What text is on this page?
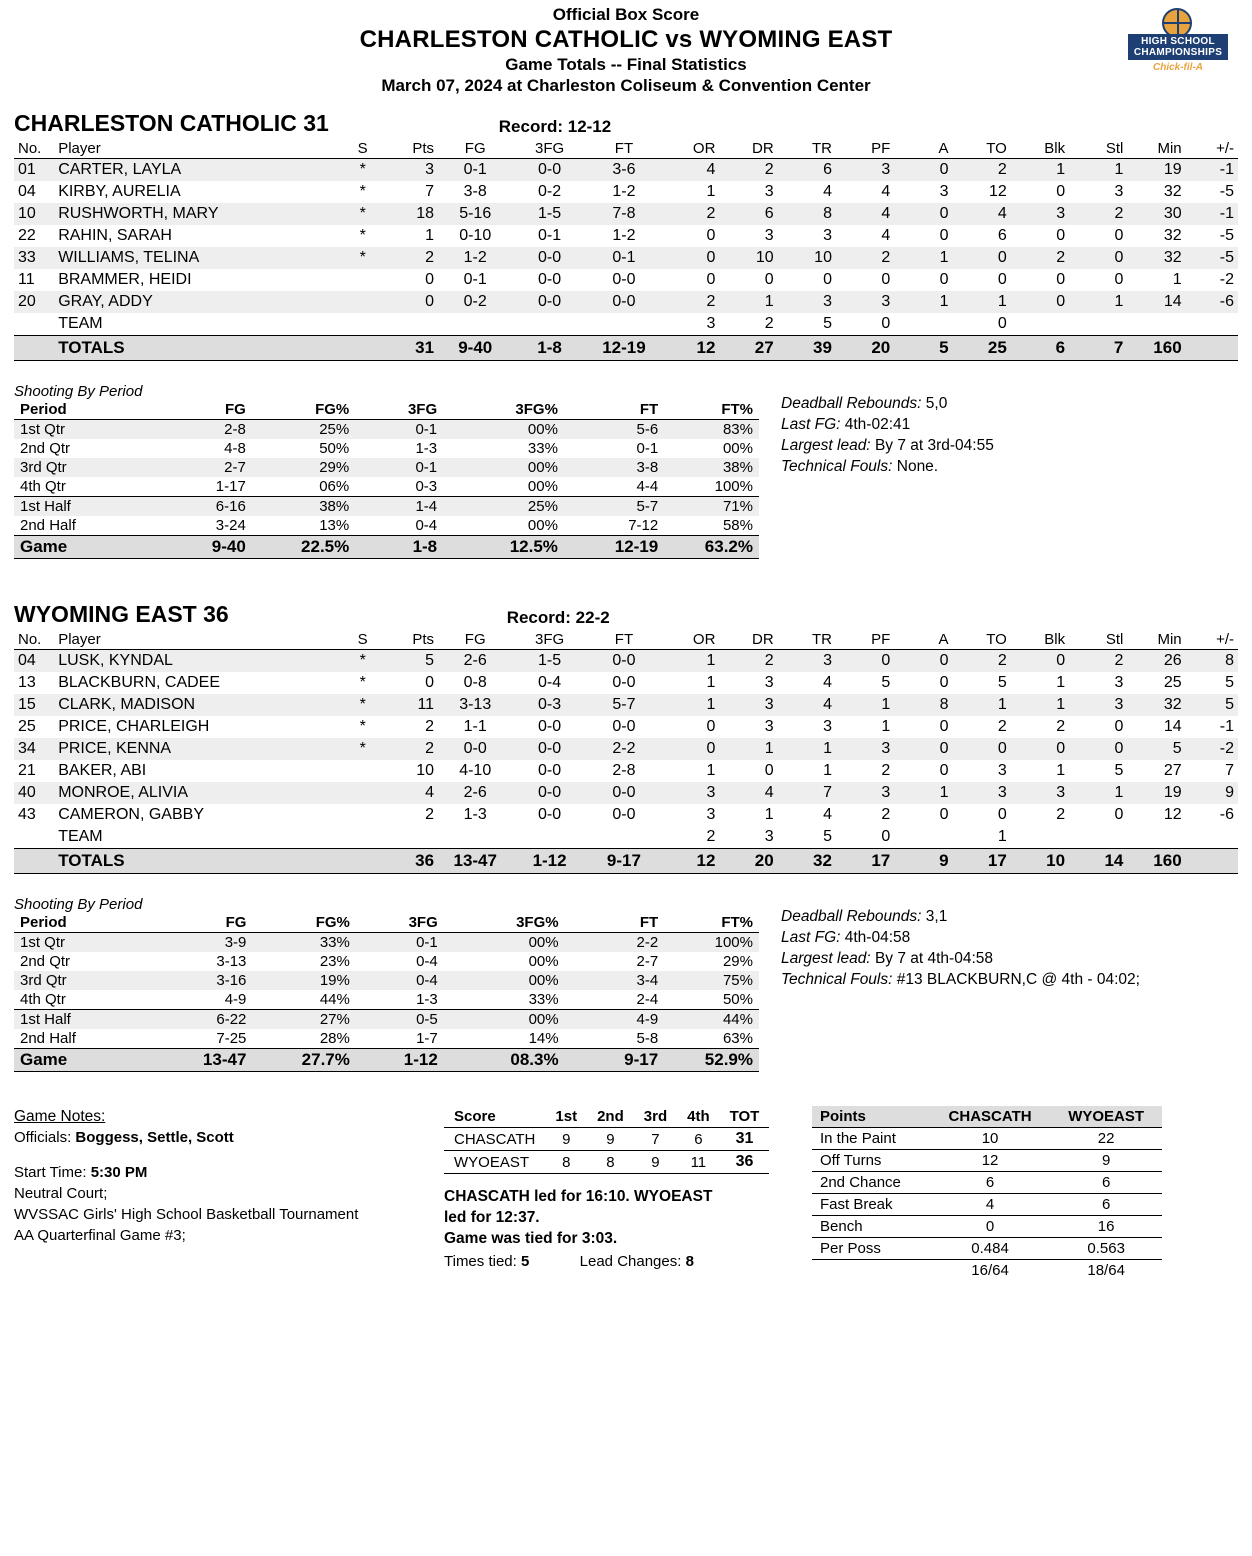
Official Box Score
CHARLESTON CATHOLIC vs WYOMING EAST
Game Totals -- Final Statistics
March 07, 2024 at Charleston Coliseum & Convention Center
HIGH SCHOOL CHAMPIONSHIPS
Chick-fil-A
CHARLESTON CATHOLIC 31	Record: 12-12
No.	Player	S	Pts	FG	3FG	FT	OR	DR	TR	PF	A	TO	Blk	Stl	Min	+/-
01	CARTER, LAYLA	*	3	0-1	0-0	3-6	4	2	6	3	0	2	1	1	19	-1
04	KIRBY, AURELIA	*	7	3-8	0-2	1-2	1	3	4	4	3	12	0	3	32	-5
10	RUSHWORTH, MARY	*	18	5-16	1-5	7-8	2	6	8	4	0	4	3	2	30	-1
22	RAHIN, SARAH	*	1	0-10	0-1	1-2	0	3	3	4	0	6	0	0	32	-5
33	WILLIAMS, TELINA	*	2	1-2	0-0	0-1	0	10	10	2	1	0	2	0	32	-5
11	BRAMMER, HEIDI		0	0-1	0-0	0-0	0	0	0	0	0	0	0	0	1	-2
20	GRAY, ADDY		0	0-2	0-0	0-0	2	1	3	3	1	1	0	1	14	-6
	TEAM						3	2	5	0		0				
	TOTALS		31	9-40	1-8	12-19	12	27	39	20	5	25	6	7	160	
Shooting By Period
Period	FG	FG%	3FG	3FG%	FT	FT%
1st Qtr	2-8	25%	0-1	00%	5-6	83%
2nd Qtr	4-8	50%	1-3	33%	0-1	00%
3rd Qtr	2-7	29%	0-1	00%	3-8	38%
4th Qtr	1-17	06%	0-3	00%	4-4	100%
1st Half	6-16	38%	1-4	25%	5-7	71%
2nd Half	3-24	13%	0-4	00%	7-12	58%
Game	9-40	22.5%	1-8	12.5%	12-19	63.2%
Deadball Rebounds: 5,0
Last FG: 4th-02:41
Largest lead: By 7 at 3rd-04:55
Technical Fouls: None.
WYOMING EAST 36	Record: 22-2
No.	Player	S	Pts	FG	3FG	FT	OR	DR	TR	PF	A	TO	Blk	Stl	Min	+/-
04	LUSK, KYNDAL	*	5	2-6	1-5	0-0	1	2	3	0	0	2	0	2	26	8
13	BLACKBURN, CADEE	*	0	0-8	0-4	0-0	1	3	4	5	0	5	1	3	25	5
15	CLARK, MADISON	*	11	3-13	0-3	5-7	1	3	4	1	8	1	1	3	32	5
25	PRICE, CHARLEIGH	*	2	1-1	0-0	0-0	0	3	3	1	0	2	2	0	14	-1
34	PRICE, KENNA	*	2	0-0	0-0	2-2	0	1	1	3	0	0	0	0	5	-2
21	BAKER, ABI		10	4-10	0-0	2-8	1	0	1	2	0	3	1	5	27	7
40	MONROE, ALIVIA		4	2-6	0-0	0-0	3	4	7	3	1	3	3	1	19	9
43	CAMERON, GABBY		2	1-3	0-0	0-0	3	1	4	2	0	0	2	0	12	-6
	TEAM						2	3	5	0		1				
	TOTALS		36	13-47	1-12	9-17	12	20	32	17	9	17	10	14	160	
Shooting By Period
Period	FG	FG%	3FG	3FG%	FT	FT%
1st Qtr	3-9	33%	0-1	00%	2-2	100%
2nd Qtr	3-13	23%	0-4	00%	2-7	29%
3rd Qtr	3-16	19%	0-4	00%	3-4	75%
4th Qtr	4-9	44%	1-3	33%	2-4	50%
1st Half	6-22	27%	0-5	00%	4-9	44%
2nd Half	7-25	28%	1-7	14%	5-8	63%
Game	13-47	27.7%	1-12	08.3%	9-17	52.9%
Deadball Rebounds: 3,1
Last FG: 4th-04:58
Largest lead: By 7 at 4th-04:58
Technical Fouls: #13 BLACKBURN,C @ 4th - 04:02;
Game Notes:
Officials: Boggess, Settle, Scott
Start Time: 5:30 PM
Neutral Court;
WVSSAC Girls' High School Basketball Tournament
AA Quarterfinal Game #3;
Score	1st	2nd	3rd	4th	TOT
CHASCATH	9	9	7	6	31
WYOEAST	8	8	9	11	36
CHASCATH led for 16:10. WYOEAST
led for 12:37.
Game was tied for 3:03.
Times tied: 5	Lead Changes: 8
Points	CHASCATH	WYOEAST
In the Paint	10	22
Off Turns	12	9
2nd Chance	6	6
Fast Break	4	6
Bench	0	16
Per Poss	0.484	0.563
	16/64	18/64
